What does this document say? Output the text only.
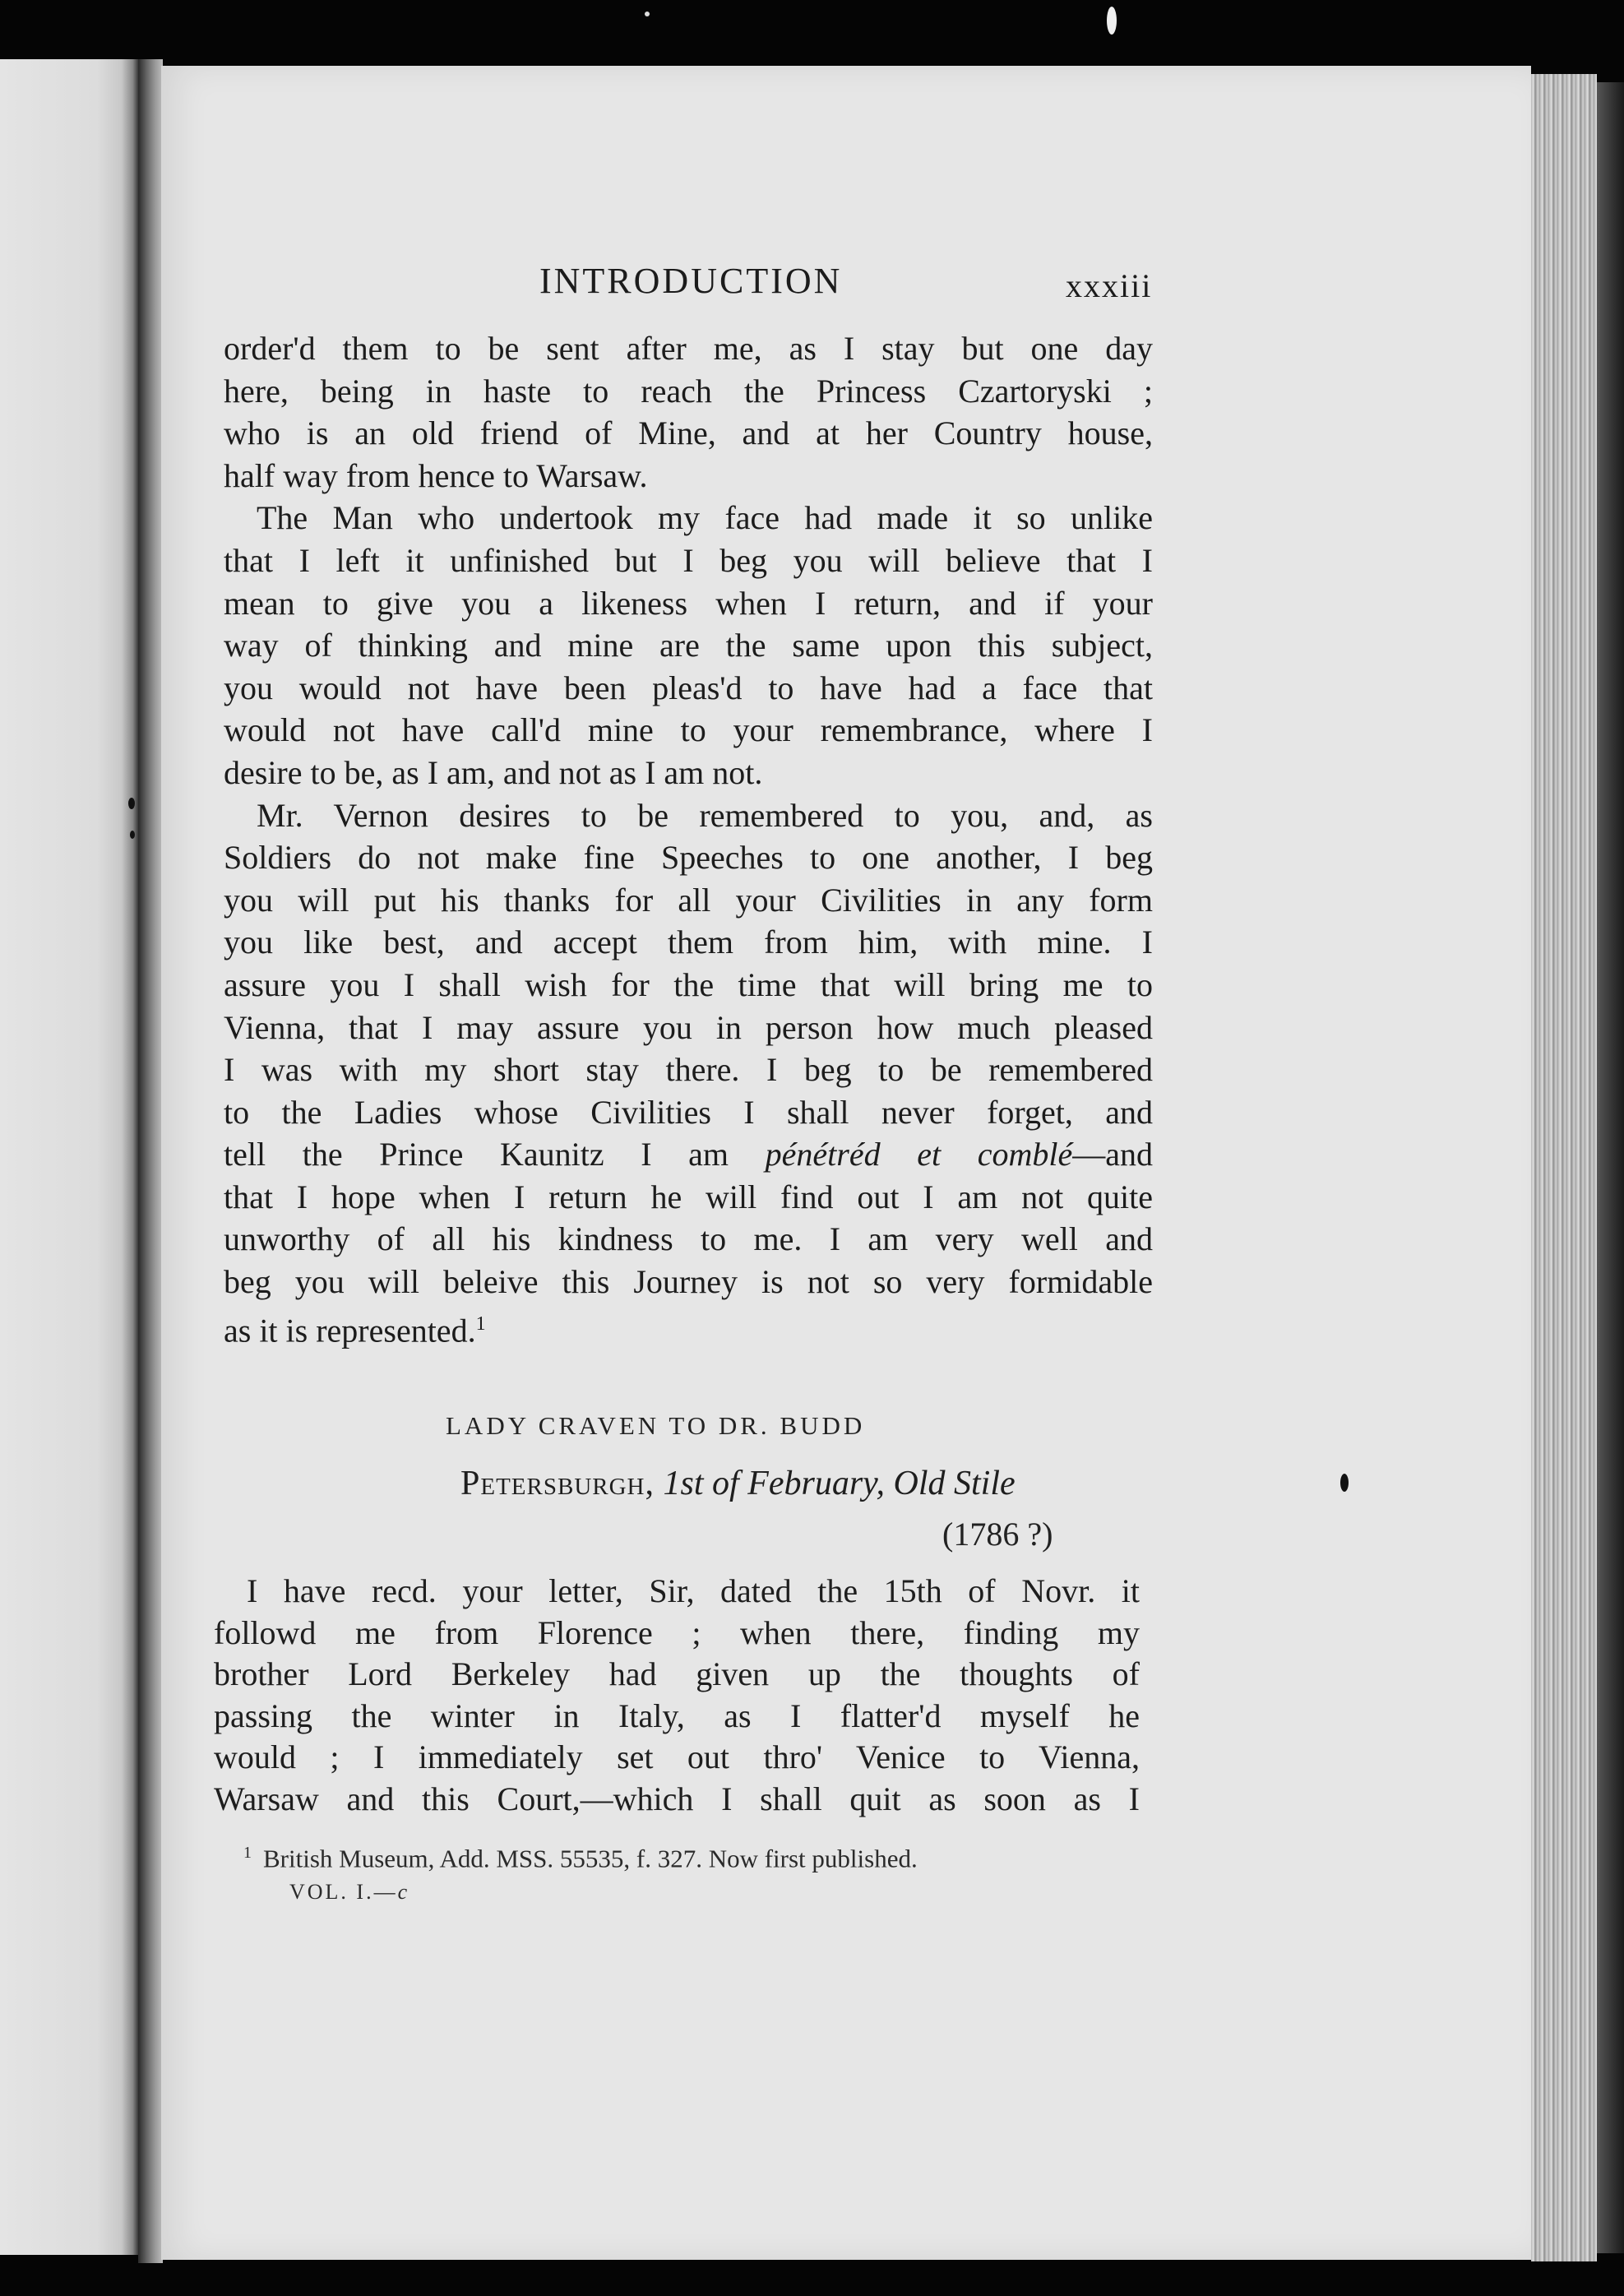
INTRODUCTION	xxxiii
order'd them to be sent after me, as I stay but one day
here, being in haste to reach the Princess Czartoryski ;
who is an old friend of Mine, and at her Country house,
half way from hence to Warsaw.
The Man who undertook my face had made it so unlike
that I left it unfinished but I beg you will believe that I
mean to give you a likeness when I return, and if your
way of thinking and mine are the same upon this subject,
you would not have been pleas'd to have had a face that
would not have call'd mine to your remembrance, where I
desire to be, as I am, and not as I am not.
Mr. Vernon desires to be remembered to you, and, as
Soldiers do not make fine Speeches to one another, I beg
you will put his thanks for all your Civilities in any form
you like best, and accept them from him, with mine. I
assure you I shall wish for the time that will bring me to
Vienna, that I may assure you in person how much pleased
I was with my short stay there. I beg to be remembered
to the Ladies whose Civilities I shall never forget, and
tell the Prince Kaunitz I am pénétréd et comblé—and
that I hope when I return he will find out I am not quite
unworthy of all his kindness to me. I am very well and
beg you will beleive this Journey is not so very formidable
as it is represented.$^1$
LADY CRAVEN TO DR. BUDD
Petersburgh, 1st of February, Old Stile
(1786 ?)
I have recd. your letter, Sir, dated the 15th of Novr. it
followd me from Florence ; when there, finding my
brother Lord Berkeley had given up the thoughts of
passing the winter in Italy, as I flatter'd myself he
would ; I immediately set out thro' Venice to Vienna,
Warsaw and this Court,—which I shall quit as soon as I
$^1$ British Museum, Add. MSS. 55535, f. 327. Now first published.
VOL. I.—c
